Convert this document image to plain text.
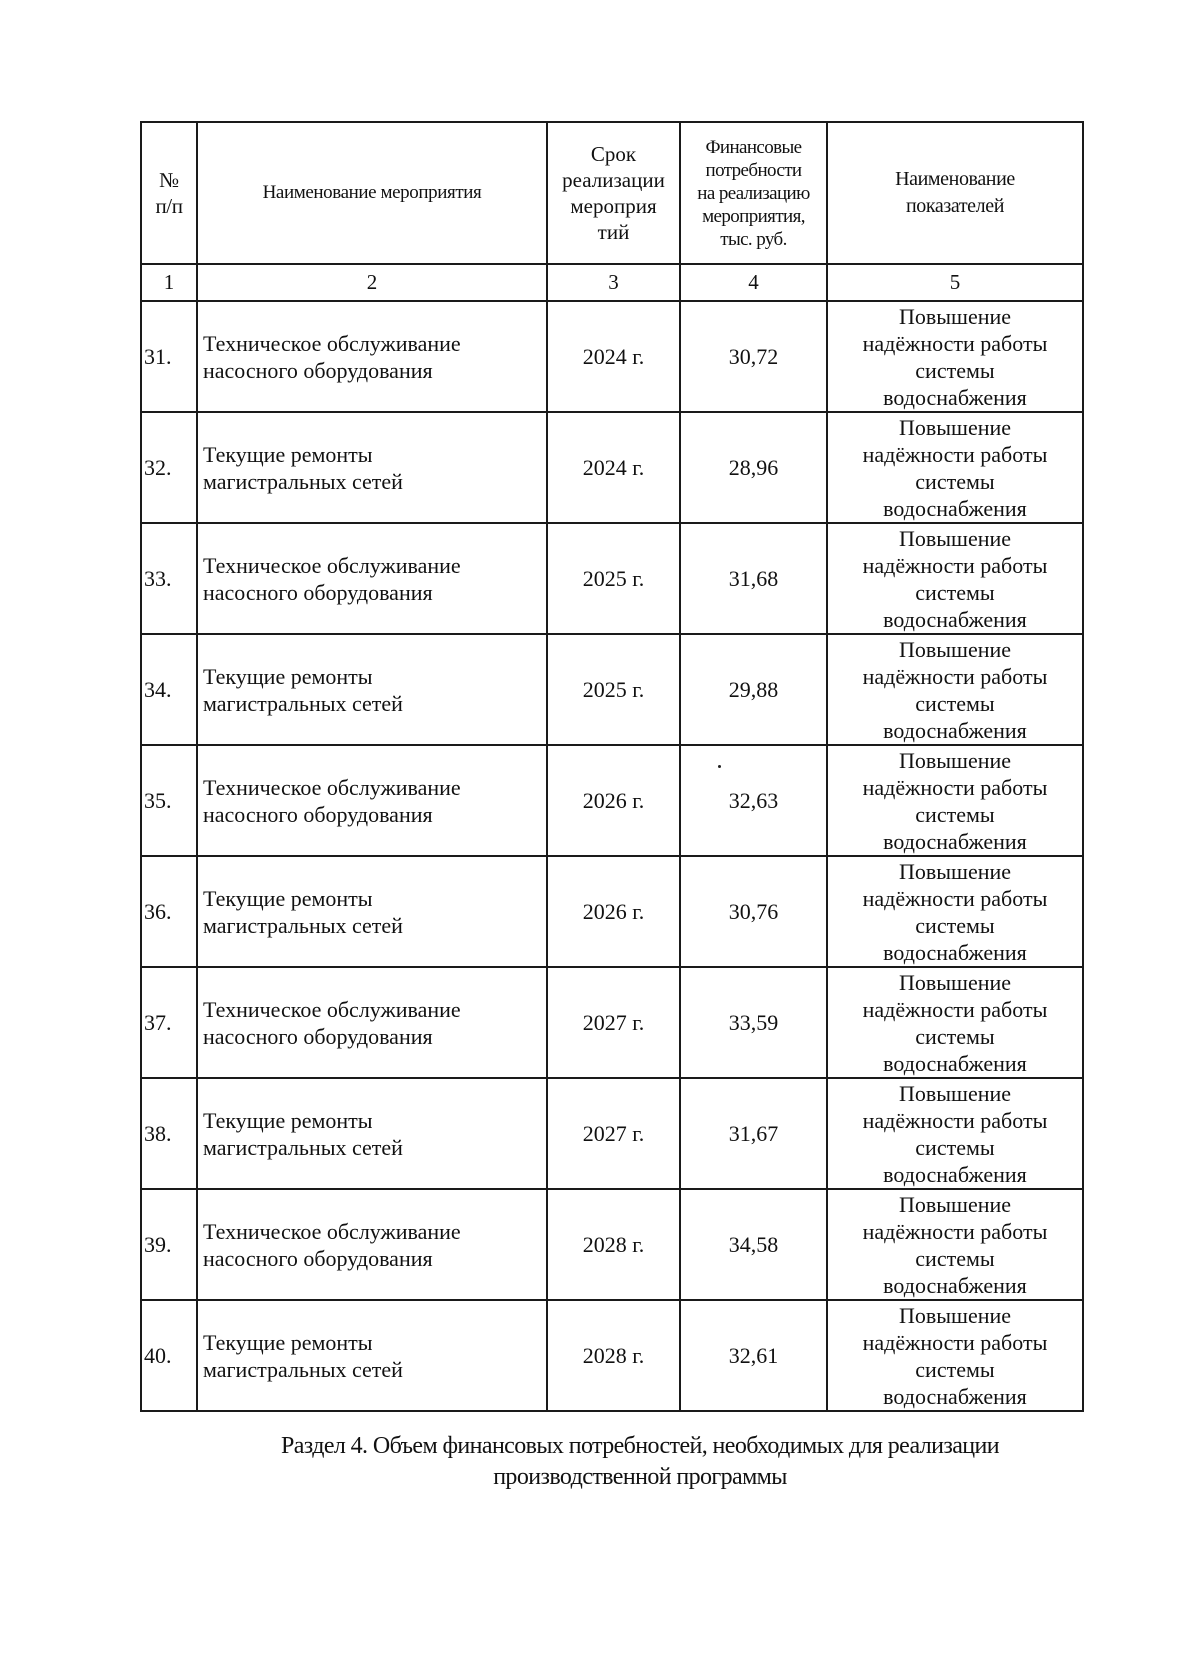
№
п/п	Наименование мероприятия	Срок
реализации
мероприя
тий	Финансовые
потребности
на реализацию
мероприятия,
тыс. руб.	Наименование
показателей

1	2	3	4	5
31.	Техническое обслуживание
насосного оборудования	2024 г.	30,72	Повышение
надёжности работы
системы
водоснабжения

32.	Текущие ремонты
магистральных сетей	2024 г.	28,96	Повышение
надёжности работы
системы
водоснабжения

33.	Техническое обслуживание
насосного оборудования	2025 г.	31,68	Повышение
надёжности работы
системы
водоснабжения

34.	Текущие ремонты
магистральных сетей	2025 г.	29,88	Повышение
надёжности работы
системы
водоснабжения

35.	Техническое обслуживание
насосного оборудования	2026 г.	32,63	Повышение
надёжности работы
системы
водоснабжения

36.	Текущие ремонты
магистральных сетей	2026 г.	30,76	Повышение
надёжности работы
системы
водоснабжения

37.	Техническое обслуживание
насосного оборудования	2027 г.	33,59	Повышение
надёжности работы
системы
водоснабжения

38.	Текущие ремонты
магистральных сетей	2027 г.	31,67	Повышение
надёжности работы
системы
водоснабжения

39.	Техническое обслуживание
насосного оборудования	2028 г.	34,58	Повышение
надёжности работы
системы
водоснабжения

40.	Текущие ремонты
магистральных сетей	2028 г.	32,61	Повышение
надёжности работы
системы
водоснабжения
Раздел 4. Объем финансовых потребностей, необходимых для реализации
производственной программы
